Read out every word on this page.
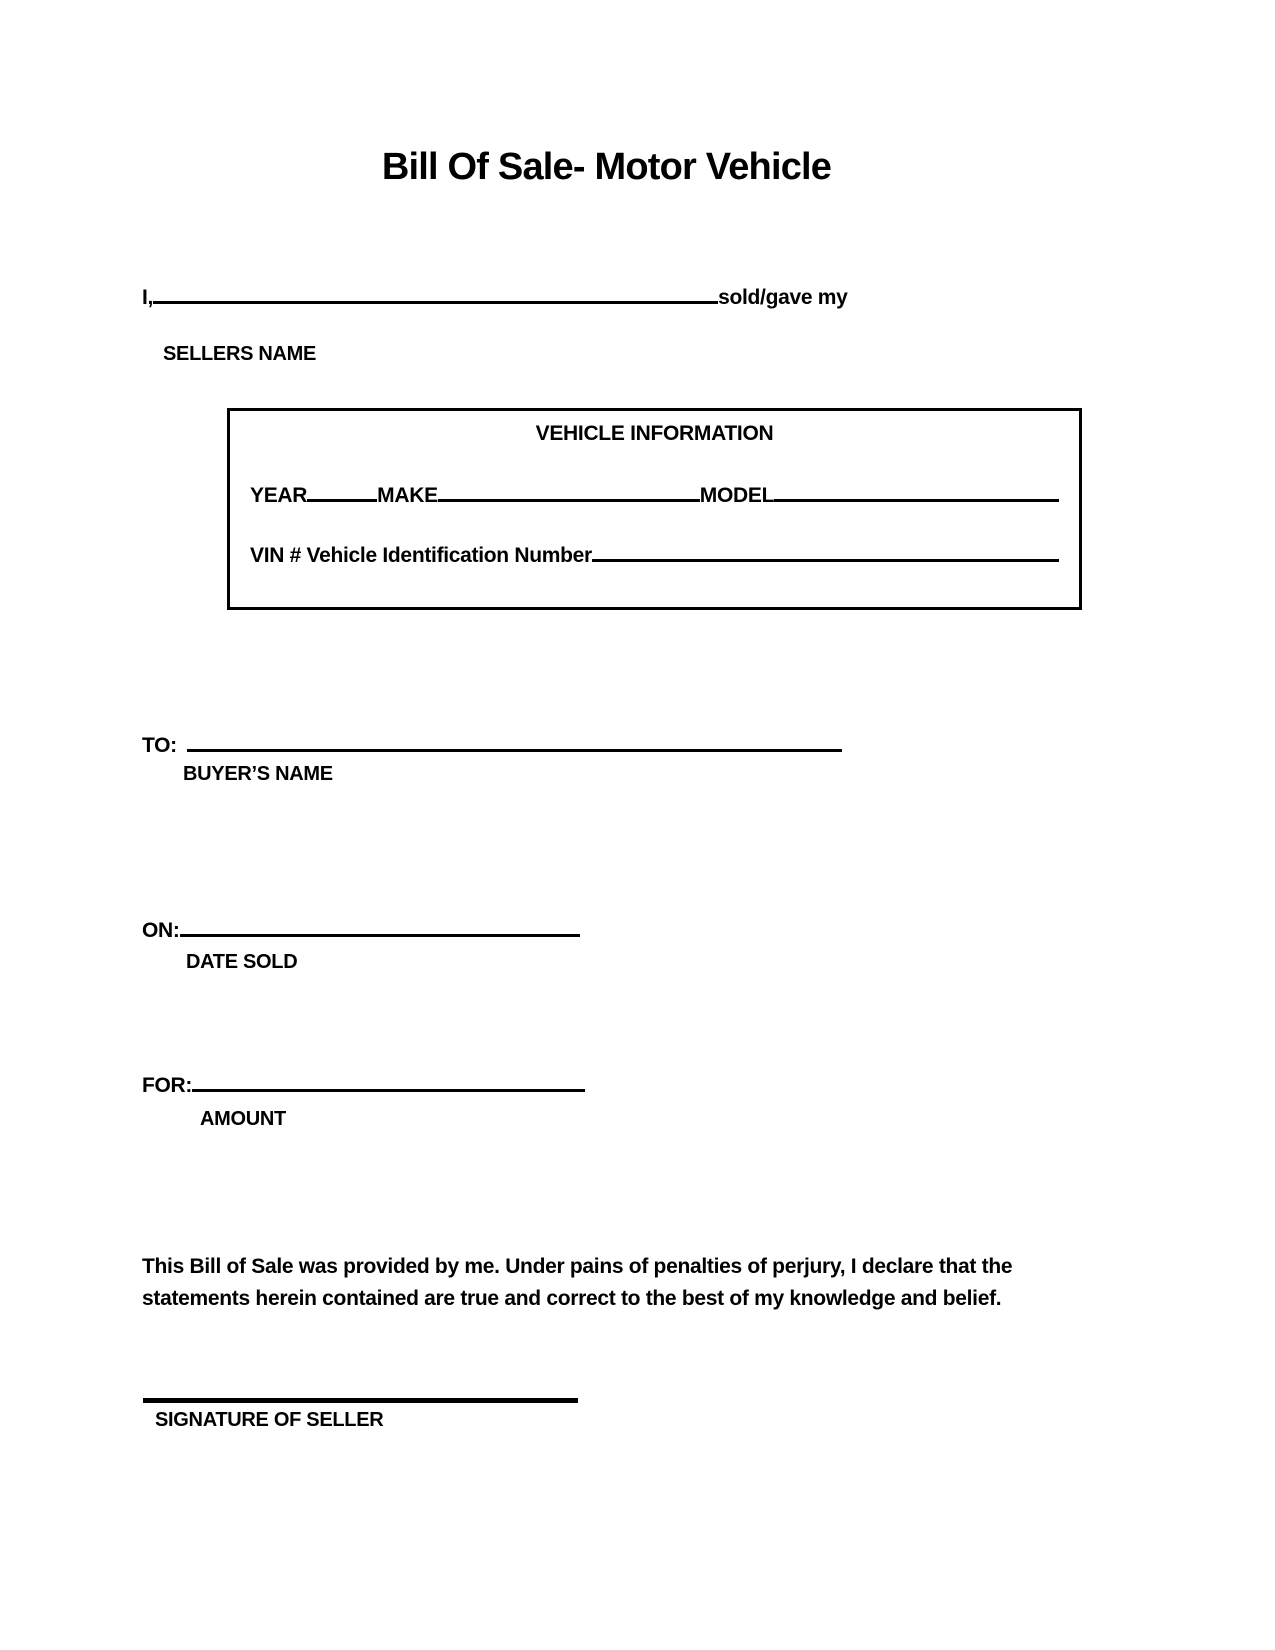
Bill Of Sale- Motor Vehicle
I,	sold/gave my
SELLERS NAME
VEHICLE INFORMATION
YEAR	MAKE	MODEL
VIN # Vehicle Identification Number
TO:
BUYER’S NAME
ON:
DATE SOLD
FOR:
AMOUNT

This Bill of Sale was provided by me. Under pains of penalties of perjury, I declare that the statements herein contained are true and correct to the best of my knowledge and belief.

SIGNATURE OF SELLER
